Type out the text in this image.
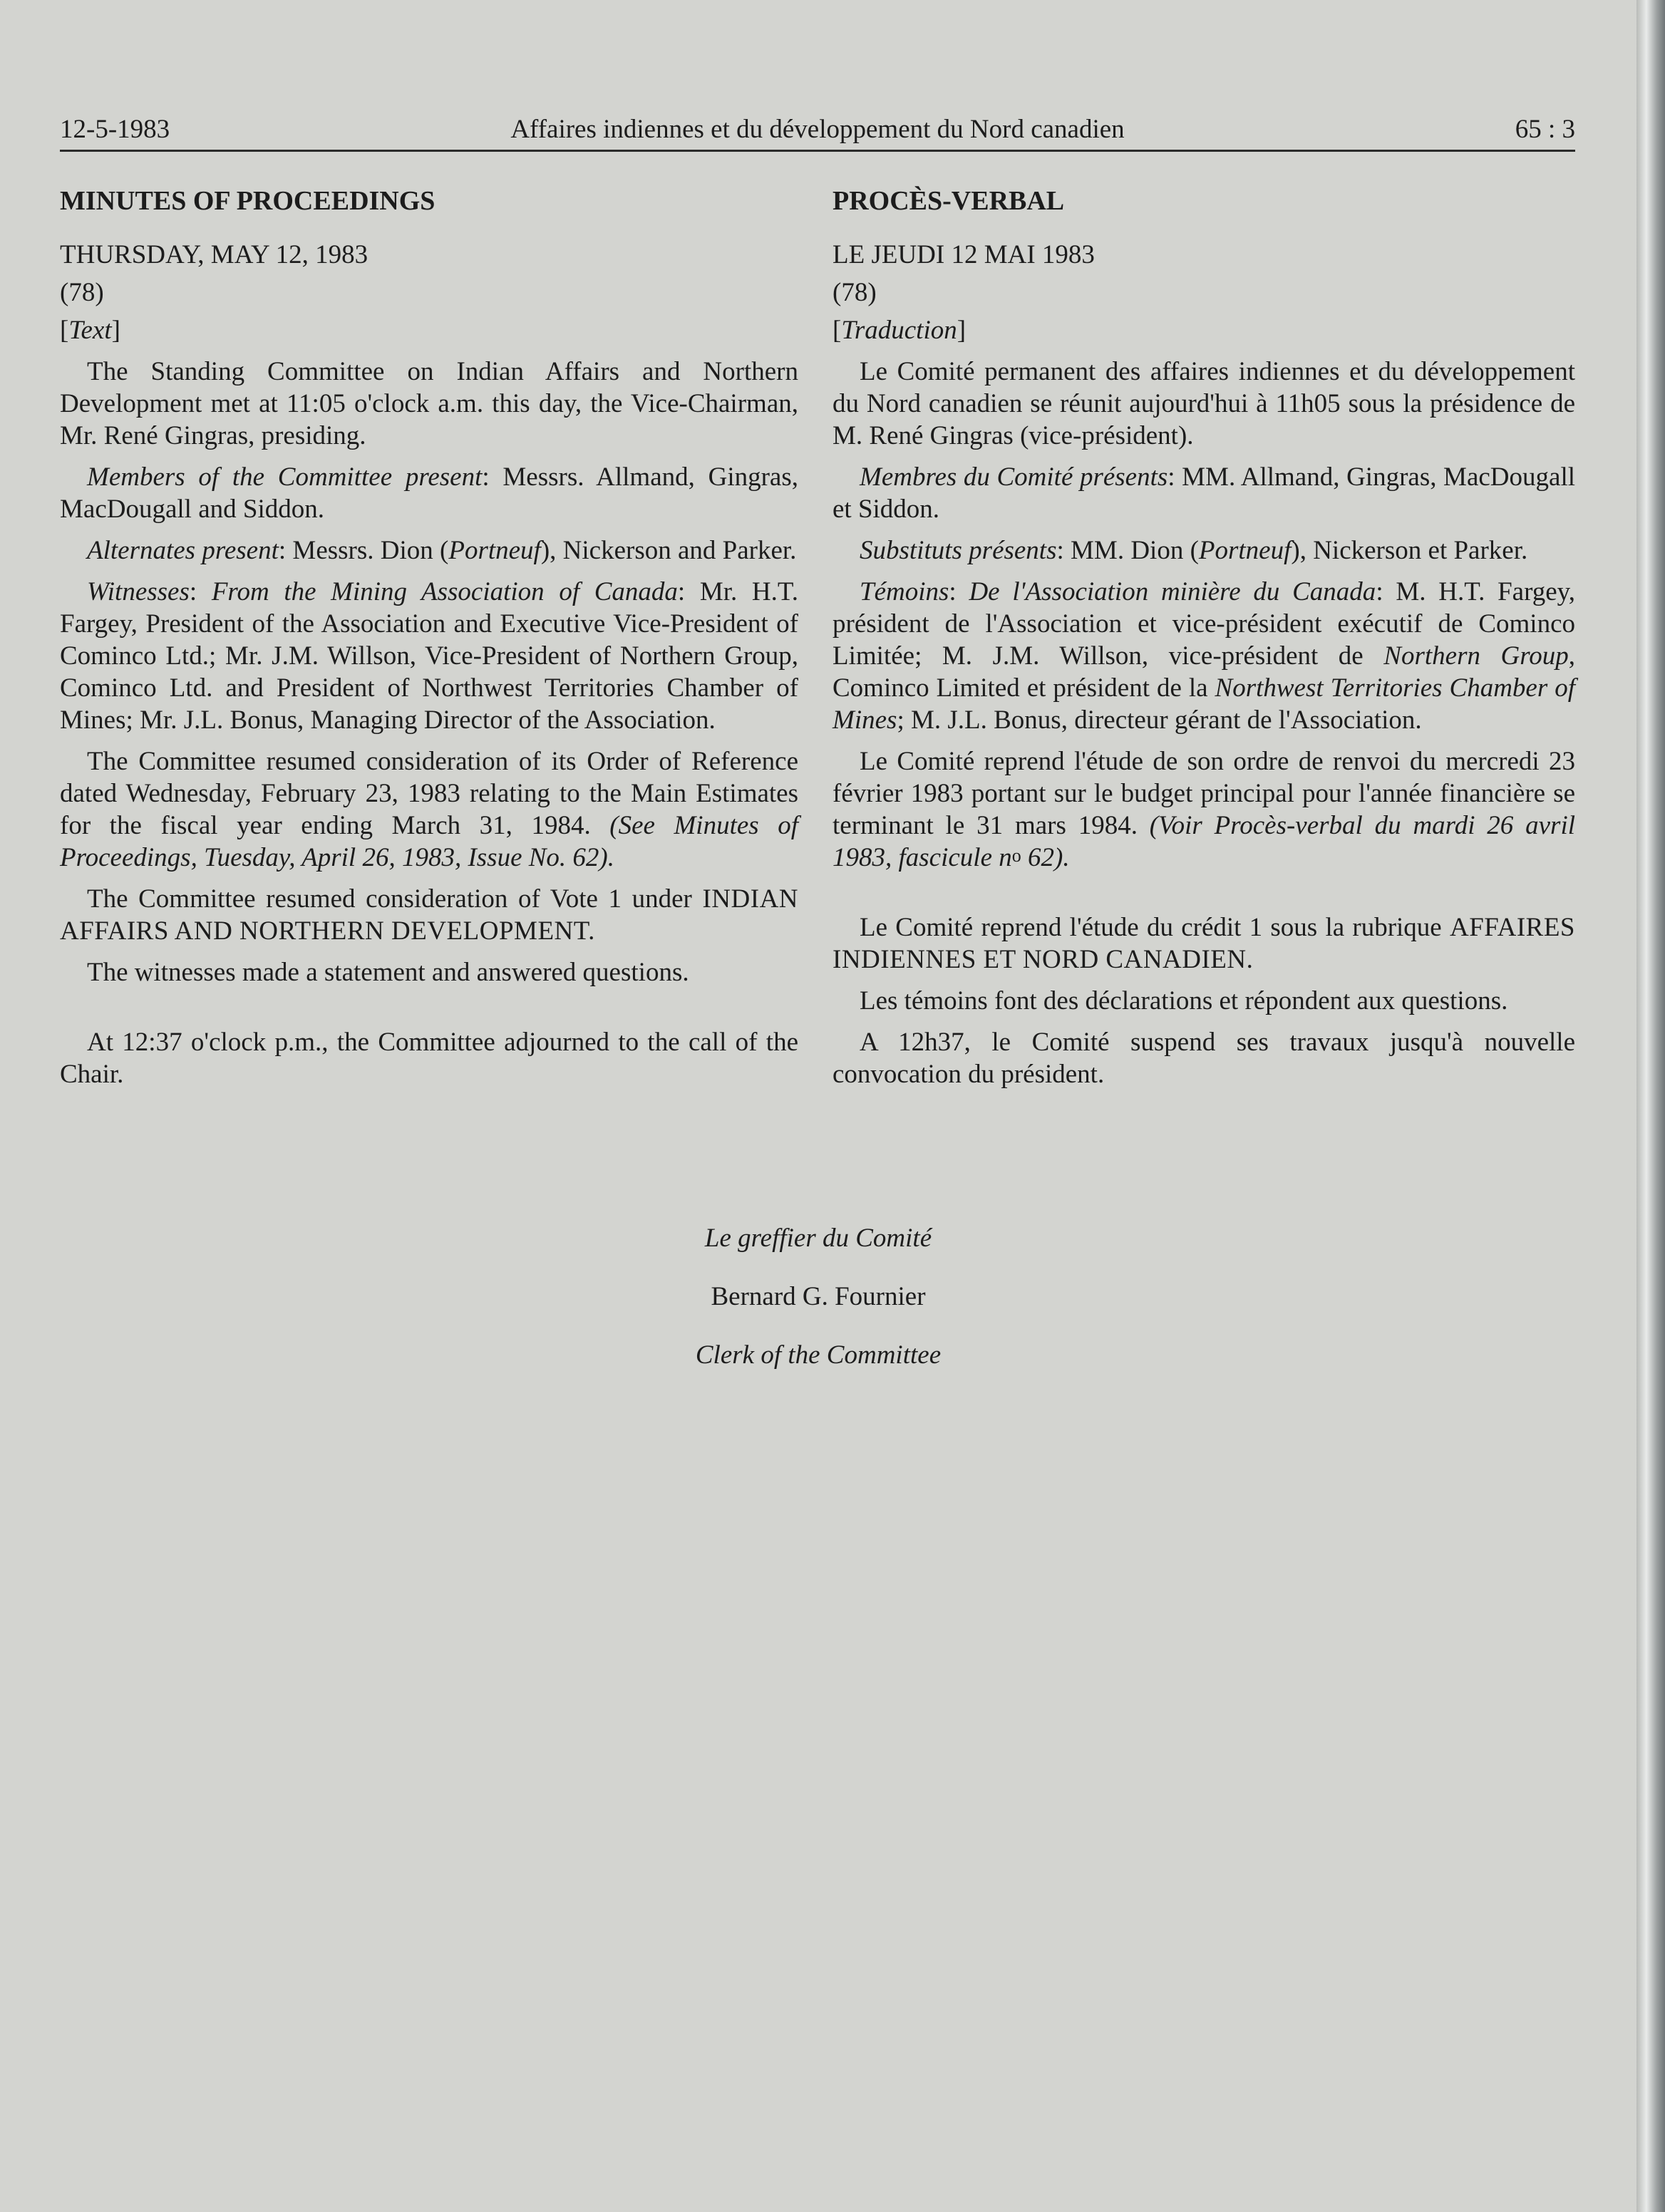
12-5-1983	Affaires indiennes et du développement du Nord canadien	65 : 3
MINUTES OF PROCEEDINGS
THURSDAY, MAY 12, 1983
(78)

[Text]

The Standing Committee on Indian Affairs and Northern Development met at 11:05 o'clock a.m. this day, the Vice-Chairman, Mr. René Gingras, presiding.

Members of the Committee present: Messrs. Allmand, Gingras, MacDougall and Siddon.

Alternates present: Messrs. Dion (Portneuf), Nickerson and Parker.

Witnesses: From the Mining Association of Canada: Mr. H.T. Fargey, President of the Association and Executive Vice-President of Cominco Ltd.; Mr. J.M. Willson, Vice-President of Northern Group, Cominco Ltd. and President of Northwest Territories Chamber of Mines; Mr. J.L. Bonus, Managing Director of the Association.

The Committee resumed consideration of its Order of Reference dated Wednesday, February 23, 1983 relating to the Main Estimates for the fiscal year ending March 31, 1984. (See Minutes of Proceedings, Tuesday, April 26, 1983, Issue No. 62).

The Committee resumed consideration of Vote 1 under INDIAN AFFAIRS AND NORTHERN DEVELOPMENT.

The witnesses made a statement and answered questions.

At 12:37 o'clock p.m., the Committee adjourned to the call of the Chair.

PROCÈS-VERBAL
LE JEUDI 12 MAI 1983
(78)

[Traduction]

Le Comité permanent des affaires indiennes et du développement du Nord canadien se réunit aujourd'hui à 11h05 sous la présidence de M. René Gingras (vice-président).

Membres du Comité présents: MM. Allmand, Gingras, MacDougall et Siddon.

Substituts présents: MM. Dion (Portneuf), Nickerson et Parker.

Témoins: De l'Association minière du Canada: M. H.T. Fargey, président de l'Association et vice-président exécutif de Cominco Limitée; M. J.M. Willson, vice-président de Northern Group, Cominco Limited et président de la Northwest Territories Chamber of Mines; M. J.L. Bonus, directeur gérant de l'Association.

Le Comité reprend l'étude de son ordre de renvoi du mercredi 23 février 1983 portant sur le budget principal pour l'année financière se terminant le 31 mars 1984. (Voir Procès-verbal du mardi 26 avril 1983, fascicule $n^o$ 62).

Le Comité reprend l'étude du crédit 1 sous la rubrique AFFAIRES INDIENNES ET NORD CANADIEN.

Les témoins font des déclarations et répondent aux questions.

A 12h37, le Comité suspend ses travaux jusqu'à nouvelle convocation du président.

Le greffier du Comité
Bernard G. Fournier
Clerk of the Committee
